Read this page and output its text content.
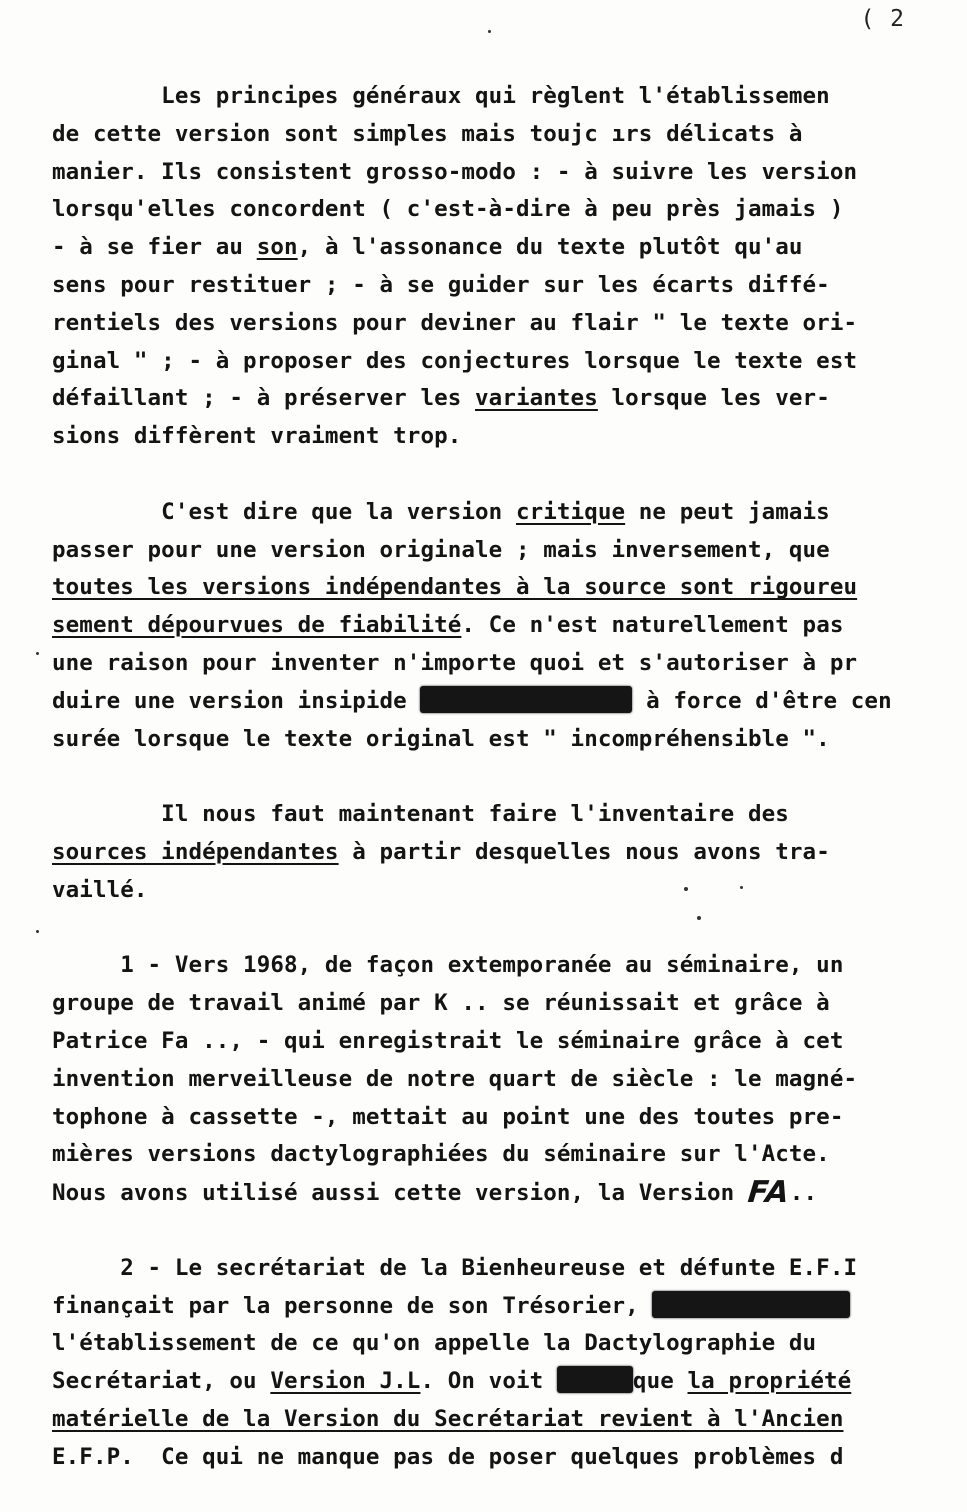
( 2
Les principes généraux qui règlent l'établissemen
de cette version sont simples mais toujc ırs délicats à
manier. Ils consistent grosso-modo : - à suivre les version
lorsqu'elles concordent ( c'est-à-dire à peu près jamais )
- à se fier au son, à l'assonance du texte plutôt qu'au
sens pour restituer ; - à se guider sur les écarts diffé-
rentiels des versions pour deviner au flair " le texte ori-
ginal " ; - à proposer des conjectures lorsque le texte est
défaillant ; - à préserver les variantes lorsque les ver-
sions diffèrent vraiment trop.
C'est dire que la version critique ne peut jamais
passer pour une version originale ; mais inversement, que
toutes les versions indépendantes à la source sont rigoureu
sement dépourvues de fiabilité. Ce n'est naturellement pas
une raison pour inventer n'importe quoi et s'autoriser à pr
duire une version insipide	à force d'être cen
surée lorsque le texte original est " incompréhensible ".
Il nous faut maintenant faire l'inventaire des
sources indépendantes à partir desquelles nous avons tra-
vaillé.
1 - Vers 1968, de façon extemporanée au séminaire, un
groupe de travail animé par K .. se réunissait et grâce à
Patrice Fa .., - qui enregistrait le séminaire grâce à cet
invention merveilleuse de notre quart de siècle : le magné-
tophone à cassette -, mettait au point une des toutes pre-
mières versions dactylographiées du séminaire sur l'Acte.
Nous avons utilisé aussi cette version, la Version FA..
2 - Le secrétariat de la Bienheureuse et défunte E.F.I
finançait par la personne de son Trésorier,
l'établissement de ce qu'on appelle la Dactylographie du
Secrétariat, ou Version J.L. On voit	que la propriété
matérielle de la Version du Secrétariat revient à l'Ancien
E.F.P.  Ce qui ne manque pas de poser quelques problèmes d
